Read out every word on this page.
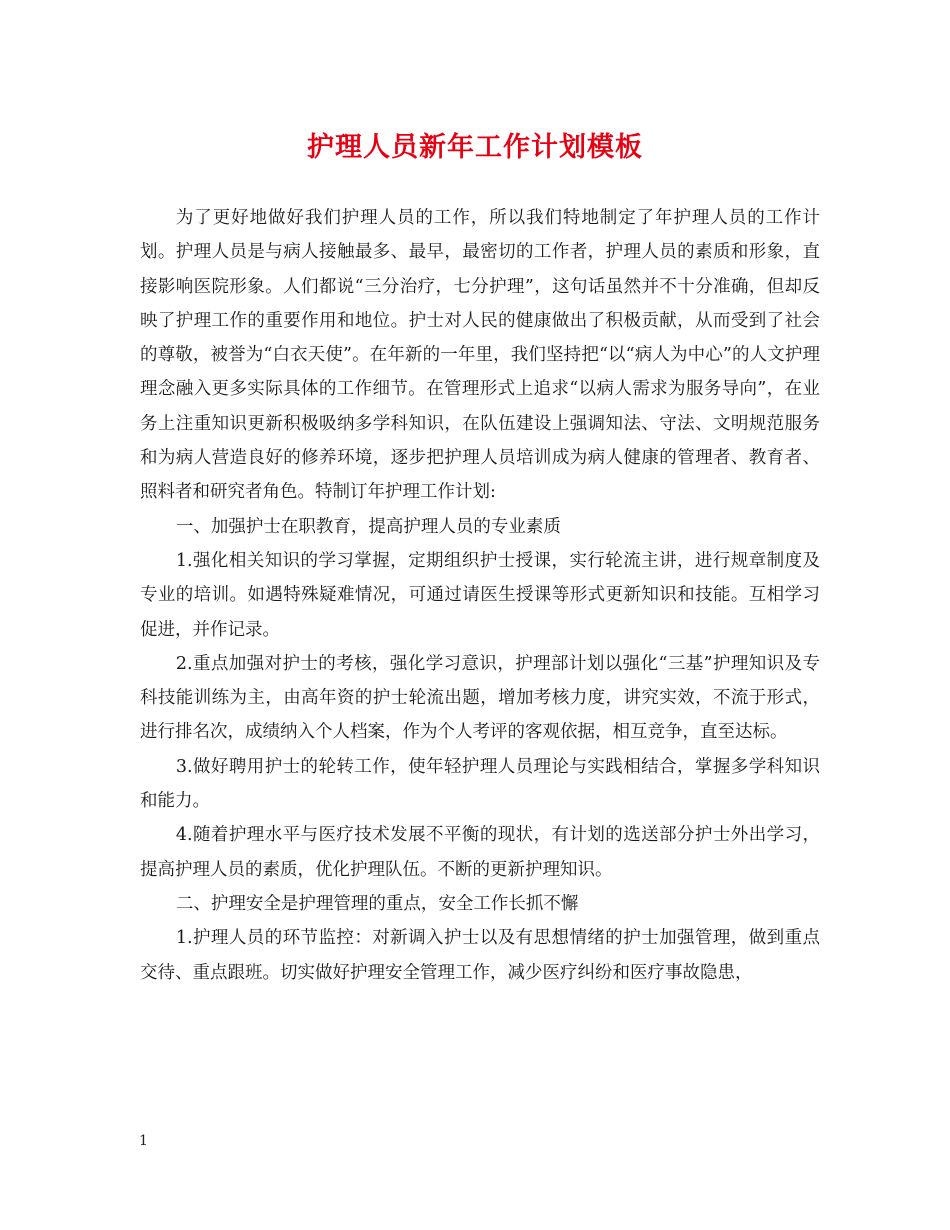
护理人员新年工作计划模板

为了更好地做好我们护理人员的工作，所以我们特地制定了年护理人员的工作计划。护理人员是与病人接触最多、最早，最密切的工作者，护理人员的素质和形象，直接影响医院形象。人们都说“三分治疗，七分护理”，这句话虽然并不十分准确，但却反映了护理工作的重要作用和地位。护士对人民的健康做出了积极贡献，从而受到了社会的尊敬，被誉为“白衣天使”。在年新的一年里，我们坚持把“以“病人为中心”的人文护理理念融入更多实际具体的工作细节。在管理形式上追求“以病人需求为服务导向”，在业务上注重知识更新积极吸纳多学科知识，在队伍建设上强调知法、守法、文明规范服务和为病人营造良好的修养环境，逐步把护理人员培训成为病人健康的管理者、教育者、照料者和研究者角色。特制订年护理工作计划:

一、加强护士在职教育，提高护理人员的专业素质

1.强化相关知识的学习掌握，定期组织护士授课，实行轮流主讲，进行规章制度及专业的培训。如遇特殊疑难情况，可通过请医生授课等形式更新知识和技能。互相学习促进，并作记录。

2.重点加强对护士的考核，强化学习意识，护理部计划以强化“三基”护理知识及专科技能训练为主，由高年资的护士轮流出题，增加考核力度，讲究实效，不流于形式，进行排名次，成绩纳入个人档案，作为个人考评的客观依据，相互竞争，直至达标。

3.做好聘用护士的轮转工作，使年轻护理人员理论与实践相结合，掌握多学科知识和能力。

4.随着护理水平与医疗技术发展不平衡的现状，有计划的选送部分护士外出学习，提高护理人员的素质，优化护理队伍。不断的更新护理知识。

二、护理安全是护理管理的重点，安全工作长抓不懈

1.护理人员的环节监控：对新调入护士以及有思想情绪的护士加强管理，做到重点交待、重点跟班。切实做好护理安全管理工作，减少医疗纠纷和医疗事故隐患，

1
